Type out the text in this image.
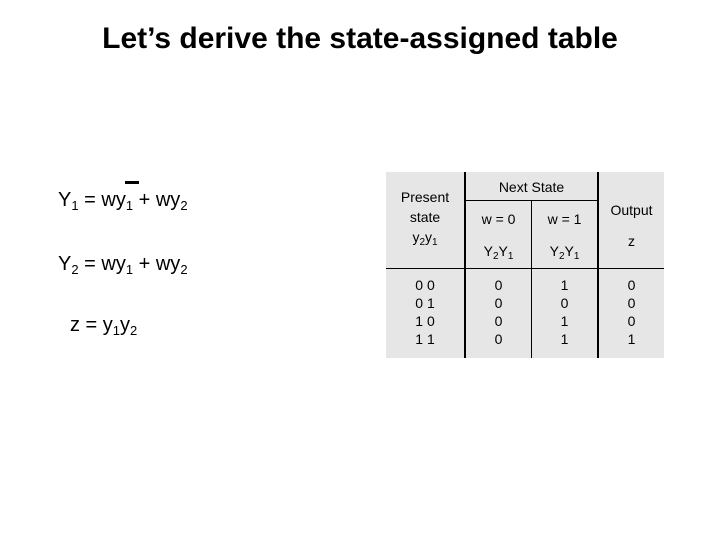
Let’s derive the state-assigned table
$Y_1 = wy_1 + wy_2$
$Y_2 = wy_1 + wy_2$
$z = y_1y_2$
Present
state
$y_2y_1$
Next State
w = 0	w = 1
$Y_2Y_1$	$Y_2Y_1$
Output
z
0 0
0 1
1 0
1 1
0
0
0
0
1
0
1
1
0
0
0
1
